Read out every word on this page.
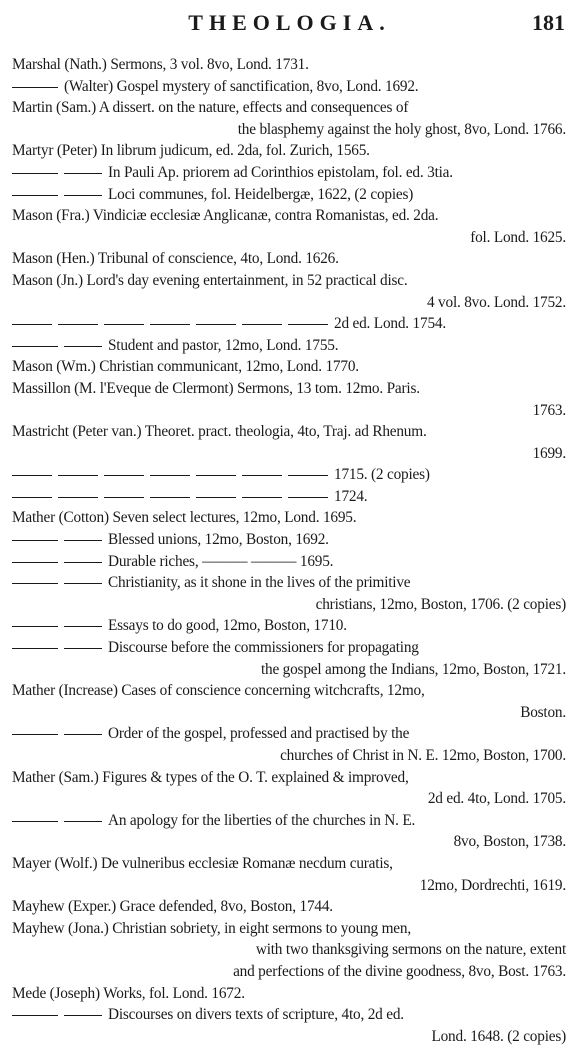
THEOLOGIA.	181
Marshal (Nath.) Sermons, 3 vol. 8vo, Lond. 1731.
(Walter) Gospel mystery of sanctification, 8vo, Lond. 1692.
Martin (Sam.) A dissert. on the nature, effects and consequences of
the blasphemy against the holy ghost, 8vo, Lond. 1766.
Martyr (Peter) In librum judicum, ed. 2da, fol. Zurich, 1565.
In Pauli Ap. priorem ad Corinthios epistolam, fol. ed. 3tia.
Loci communes, fol. Heidelbergæ, 1622, (2 copies)
Mason (Fra.) Vindiciæ ecclesiæ Anglicanæ, contra Romanistas, ed. 2da.
fol. Lond. 1625.
Mason (Hen.) Tribunal of conscience, 4to, Lond. 1626.
Mason (Jn.) Lord's day evening entertainment, in 52 practical disc.
4 vol. 8vo. Lond. 1752.
2d ed. Lond. 1754.
Student and pastor, 12mo, Lond. 1755.
Mason (Wm.) Christian communicant, 12mo, Lond. 1770.
Massillon (M. l'Eveque de Clermont) Sermons, 13 tom. 12mo. Paris.
1763.
Mastricht (Peter van.) Theoret. pract. theologia, 4to, Traj. ad Rhenum.
1699.
1715. (2 copies)
1724.
Mather (Cotton) Seven select lectures, 12mo, Lond. 1695.
Blessed unions, 12mo, Boston, 1692.
Durable riches, ——— ——— 1695.
Christianity, as it shone in the lives of the primitive
christians, 12mo, Boston, 1706. (2 copies)
Essays to do good, 12mo, Boston, 1710.
Discourse before the commissioners for propagating
the gospel among the Indians, 12mo, Boston, 1721.
Mather (Increase) Cases of conscience concerning witchcrafts, 12mo,
Boston.
Order of the gospel, professed and practised by the
churches of Christ in N. E. 12mo, Boston, 1700.
Mather (Sam.) Figures & types of the O. T. explained & improved,
2d ed. 4to, Lond. 1705.
An apology for the liberties of the churches in N. E.
8vo, Boston, 1738.
Mayer (Wolf.) De vulneribus ecclesiæ Romanæ necdum curatis,
12mo, Dordrechti, 1619.
Mayhew (Exper.) Grace defended, 8vo, Boston, 1744.
Mayhew (Jona.) Christian sobriety, in eight sermons to young men,
with two thanksgiving sermons on the nature, extent
and perfections of the divine goodness, 8vo, Bost. 1763.
Mede (Joseph) Works, fol. Lond. 1672.
Discourses on divers texts of scripture, 4to, 2d ed.
Lond. 1648. (2 copies)
